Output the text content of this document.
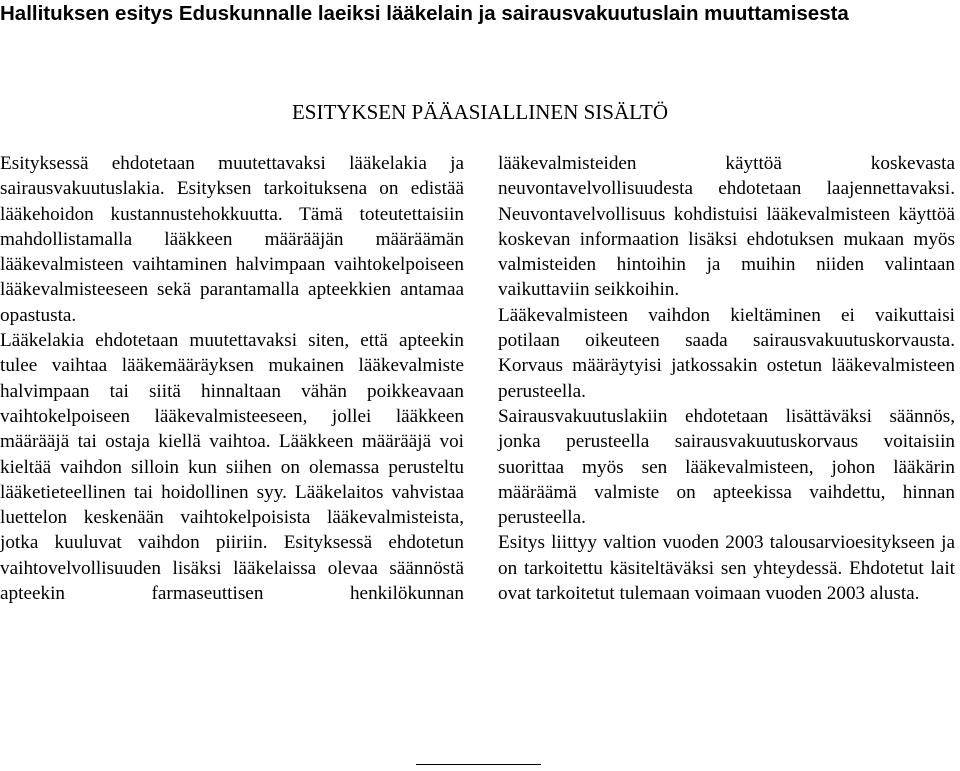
Hallituksen esitys Eduskunnalle laeiksi lääkelain ja sairausvakuutuslain muuttamisesta
ESITYKSEN PÄÄASIALLINEN SISÄLTÖ

Esityksessä ehdotetaan muutettavaksi lääkelakia ja sairausvakuutuslakia. Esityksen tarkoituksena on edistää lääkehoidon kustannustehokkuutta. Tämä toteutettaisiin mahdollistamalla lääkkeen määrääjän määräämän lääkevalmisteen vaihtaminen halvimpaan vaihtokelpoiseen lääkevalmisteeseen sekä parantamalla apteekkien antamaa opastusta.

Lääkelakia ehdotetaan muutettavaksi siten, että apteekin tulee vaihtaa lääkemääräyksen mukainen lääkevalmiste halvimpaan tai siitä hinnaltaan vähän poikkeavaan vaihtokelpoiseen lääkevalmisteeseen, jollei lääkkeen määrääjä tai ostaja kiellä vaihtoa. Lääkkeen määrääjä voi kieltää vaihdon silloin kun siihen on olemassa perusteltu lääketieteellinen tai hoidollinen syy. Lääkelaitos vahvistaa luettelon keskenään vaihtokelpoisista lääkevalmisteista, jotka kuuluvat vaihdon piiriin. Esityksessä ehdotetun vaihtovelvollisuuden lisäksi lääkelaissa olevaa säännöstä apteekin farmaseuttisen henkilökunnan

lääkevalmisteiden käyttöä koskevasta neuvontavelvollisuudesta ehdotetaan laajennettavaksi. Neuvontavelvollisuus kohdistuisi lääkevalmisteen käyttöä koskevan informaation lisäksi ehdotuksen mukaan myös valmisteiden hintoihin ja muihin niiden valintaan vaikuttaviin seikkoihin.

Lääkevalmisteen vaihdon kieltäminen ei vaikuttaisi potilaan oikeuteen saada sairausvakuutuskorvausta. Korvaus määräytyisi jatkossakin ostetun lääkevalmisteen perusteella.

Sairausvakuutuslakiin ehdotetaan lisättäväksi säännös, jonka perusteella sairausvakuutuskorvaus voitaisiin suorittaa myös sen lääkevalmisteen, johon lääkärin määräämä valmiste on apteekissa vaihdettu, hinnan perusteella.

Esitys liittyy valtion vuoden 2003 talousarvioesitykseen ja on tarkoitettu käsiteltäväksi sen yhteydessä. Ehdotetut lait ovat tarkoitetut tulemaan voimaan vuoden 2003 alusta.
